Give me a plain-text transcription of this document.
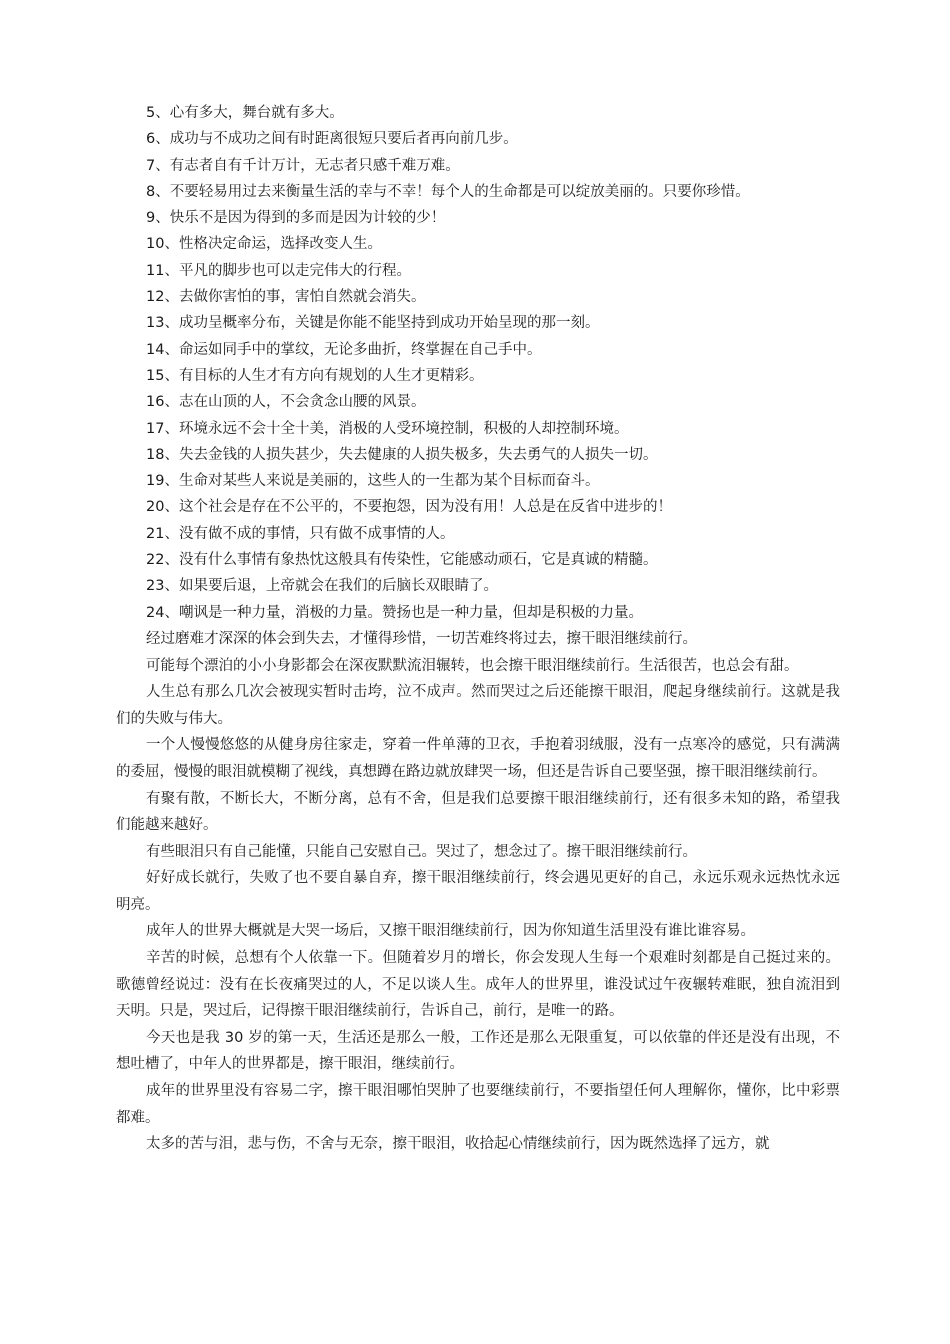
5、心有多大，舞台就有多大。
6、成功与不成功之间有时距离很短只要后者再向前几步。
7、有志者自有千计万计，无志者只感千难万难。
8、不要轻易用过去来衡量生活的幸与不幸！每个人的生命都是可以绽放美丽的。只要你珍惜。
9、快乐不是因为得到的多而是因为计较的少！
10、性格决定命运，选择改变人生。
11、平凡的脚步也可以走完伟大的行程。
12、去做你害怕的事，害怕自然就会消失。
13、成功呈概率分布，关键是你能不能坚持到成功开始呈现的那一刻。
14、命运如同手中的掌纹，无论多曲折，终掌握在自己手中。
15、有目标的人生才有方向有规划的人生才更精彩。
16、志在山顶的人，不会贪念山腰的风景。
17、环境永远不会十全十美，消极的人受环境控制，积极的人却控制环境。
18、失去金钱的人损失甚少，失去健康的人损失极多，失去勇气的人损失一切。
19、生命对某些人来说是美丽的，这些人的一生都为某个目标而奋斗。
20、这个社会是存在不公平的，不要抱怨，因为没有用！人总是在反省中进步的！
21、没有做不成的事情，只有做不成事情的人。
22、没有什么事情有象热忱这般具有传染性，它能感动顽石，它是真诚的精髓。
23、如果要后退，上帝就会在我们的后脑长双眼睛了。
24、嘲讽是一种力量，消极的力量。赞扬也是一种力量，但却是积极的力量。

经过磨难才深深的体会到失去，才懂得珍惜，一切苦难终将过去，擦干眼泪继续前行。

可能每个漂泊的小小身影都会在深夜默默流泪辗转，也会擦干眼泪继续前行。生活很苦，也总会有甜。

人生总有那么几次会被现实暂时击垮，泣不成声。然而哭过之后还能擦干眼泪，爬起身继续前行。这就是我们的失败与伟大。

一个人慢慢悠悠的从健身房往家走，穿着一件单薄的卫衣，手抱着羽绒服，没有一点寒冷的感觉，只有满满的委屈，慢慢的眼泪就模糊了视线，真想蹲在路边就放肆哭一场，但还是告诉自己要坚强，擦干眼泪继续前行。

有聚有散，不断长大，不断分离，总有不舍，但是我们总要擦干眼泪继续前行，还有很多未知的路，希望我们能越来越好。

有些眼泪只有自己能懂，只能自己安慰自己。哭过了，想念过了。擦干眼泪继续前行。

好好成长就行，失败了也不要自暴自弃，擦干眼泪继续前行，终会遇见更好的自己，永远乐观永远热忱永远明亮。

成年人的世界大概就是大哭一场后，又擦干眼泪继续前行，因为你知道生活里没有谁比谁容易。

辛苦的时候，总想有个人依靠一下。但随着岁月的增长，你会发现人生每一个艰难时刻都是自己挺过来的。歌德曾经说过：没有在长夜痛哭过的人，不足以谈人生。成年人的世界里，谁没试过午夜辗转难眠，独自流泪到天明。只是，哭过后，记得擦干眼泪继续前行，告诉自己，前行，是唯一的路。

今天也是我 30 岁的第一天，生活还是那么一般，工作还是那么无限重复，可以依靠的伴还是没有出现，不想吐槽了，中年人的世界都是，擦干眼泪，继续前行。

成年的世界里没有容易二字，擦干眼泪哪怕哭肿了也要继续前行，不要指望任何人理解你，懂你，比中彩票都难。

太多的苦与泪，悲与伤，不舍与无奈，擦干眼泪，收拾起心情继续前行，因为既然选择了远方，就
